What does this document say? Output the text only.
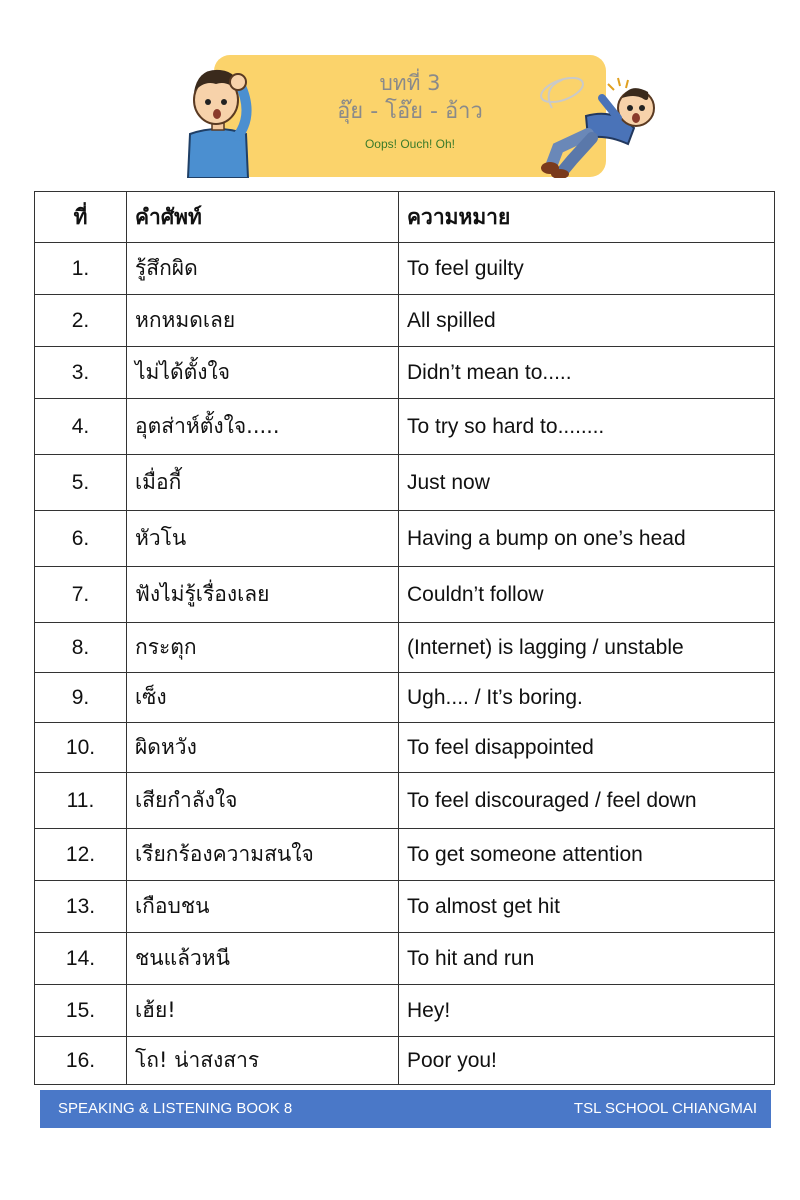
บทที่ 3
อุ๊ย - โอ๊ย - อ้าว
Oops! Ouch! Oh!
ที่	คำศัพท์	ความหมาย
1.	รู้สึกผิด	To feel guilty
2.	หกหมดเลย	All spilled
3.	ไม่ได้ตั้งใจ	Didn’t mean to.....
4.	อุตส่าห์ตั้งใจ.....	To try so hard to........
5.	เมื่อกี้	Just now
6.	หัวโน	Having a bump on one’s head
7.	ฟังไม่รู้เรื่องเลย	Couldn’t follow
8.	กระตุก	(Internet) is lagging / unstable
9.	เซ็ง	Ugh.... / It’s boring.
10.	ผิดหวัง	To feel disappointed
11.	เสียกำลังใจ	To feel discouraged / feel down
12.	เรียกร้องความสนใจ	To get someone attention
13.	เกือบชน	To almost get hit
14.	ชนแล้วหนี	To hit and run
15.	เฮ้ย!	Hey!
16.	โถ! น่าสงสาร	Poor you!
SPEAKING & LISTENING BOOK 8	TSL SCHOOL CHIANGMAI
